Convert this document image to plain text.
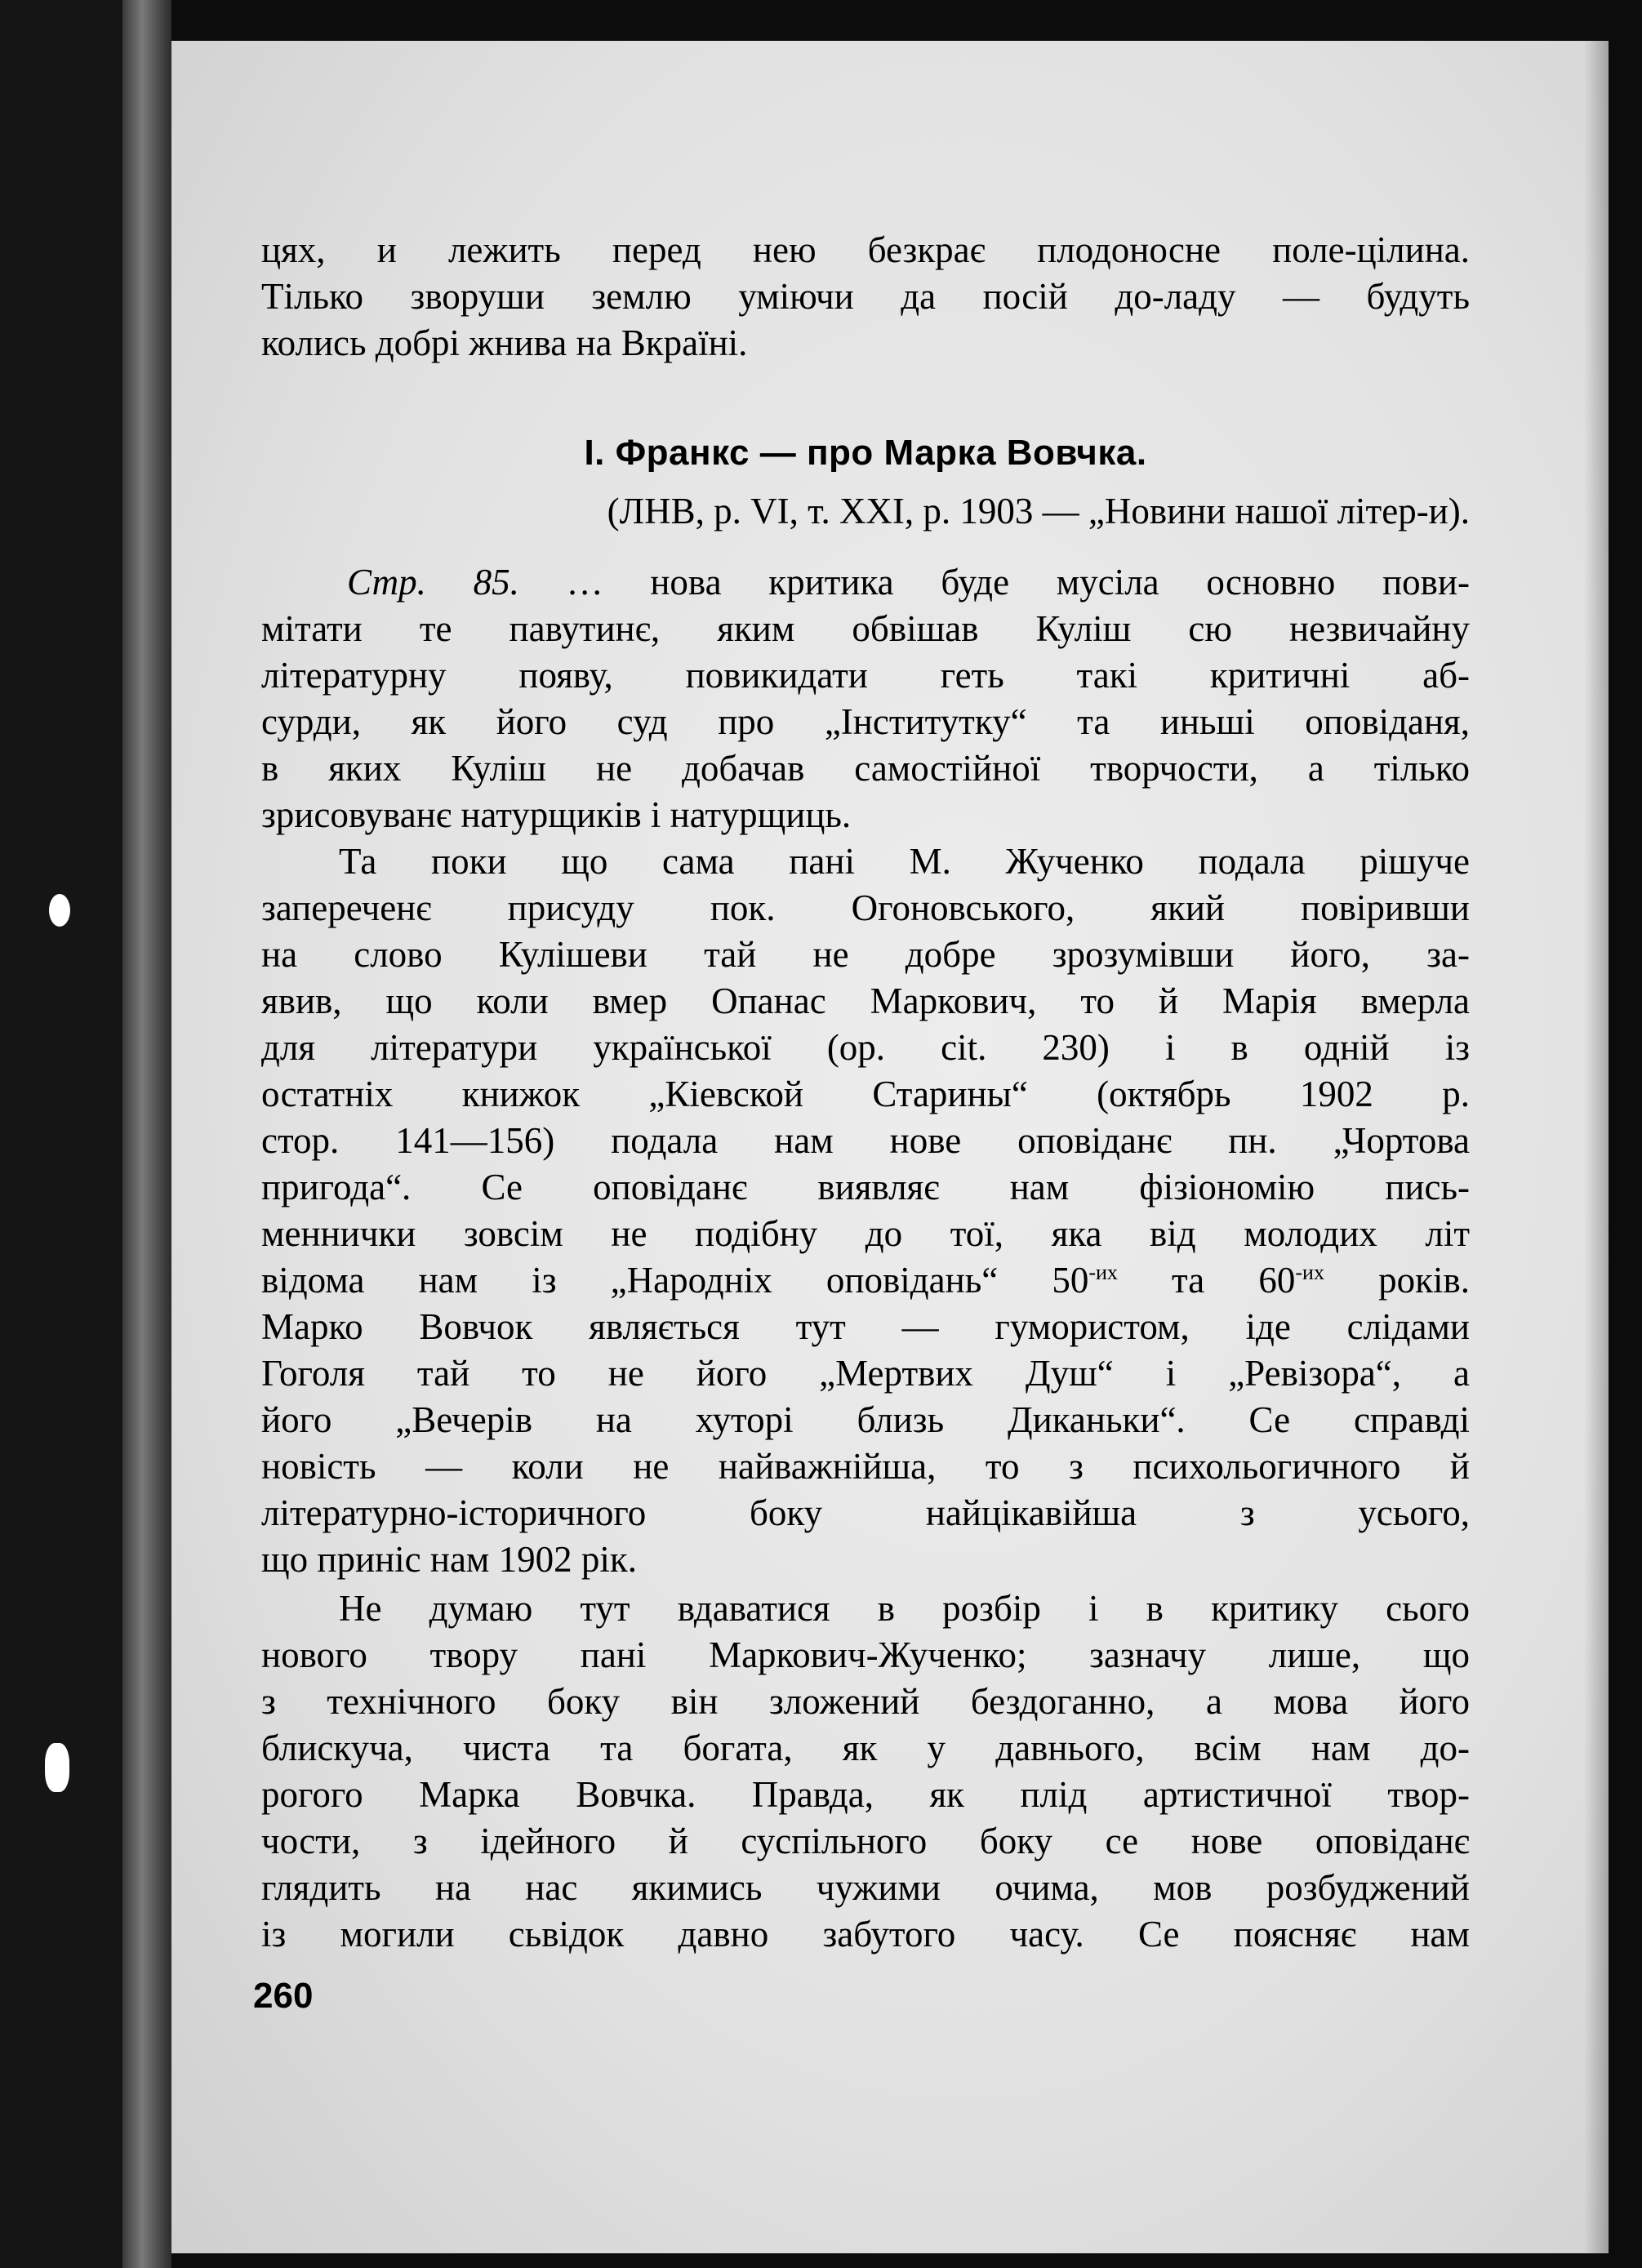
цях, и лежить перед нею безкрає плодоносне поле-цілина.
Тілько зворуши землю уміючи да посій до-ладу — будуть
колись добрі жнива на Вкраїні.
І. Франкс — про Марка Вовчка.
(ЛНВ, р. VI, т. XXI, р. 1903 — „Новини нашої літер-и).
Стр. 85. … нова критика буде мусіла основно пови-
мітати те павутинє, яким обвішав Куліш сю незвичайну
літературну появу, повикидати геть такі критичні аб-
сурди, як його суд про „Інститутку“ та иньші оповіданя,
в яких Куліш не добачав самостійної творчости, а тілько
зрисовуванє натурщиків і натурщиць.
Та поки що сама пані М. Жученко подала рішуче
запереченє присуду пок. Огоновського, який повіривши
на слово Кулішеви тай не добре зрозумівши його, за-
явив, що коли вмер Опанас Маркович, то й Марія вмерла
для літератури української (op. cit. 230) і в одній із
остатніх книжок „Кіевской Старины“ (октябрь 1902 р.
стор. 141—156) подала нам нове оповіданє пн. „Чортова
пригода“. Се оповіданє виявляє нам фізіономію пись-
меннички зовсім не подібну до тої, яка від молодих літ
відома нам із „Народніх оповідань“ $50^{-их}$ та $60^{-их}$ років.
Марко Вовчок являється тут — гумористом, іде слідами
Гоголя тай то не його „Мертвих Душ“ і „Ревізора“, а
його „Вечерів на хуторі близь Диканьки“. Се справді
новість — коли не найважнійша, то з психольогичного й
літературно-історичного боку найцікавійша з усього,
що приніс нам 1902 рік.
Не думаю тут вдаватися в розбір і в критику сього
нового твору пані Маркович-Жученко; зазначу лише, що
з технічного боку він зложений бездоганно, а мова його
блискуча, чиста та богата, як у давнього, всім нам до-
рогого Марка Вовчка. Правда, як плід артистичної твор-
чости, з ідейного й суспільного боку се нове оповіданє
глядить на нас якимись чужими очима, мов розбуджений
із могили сьвідок давно забутого часу. Се поясняє нам
260
